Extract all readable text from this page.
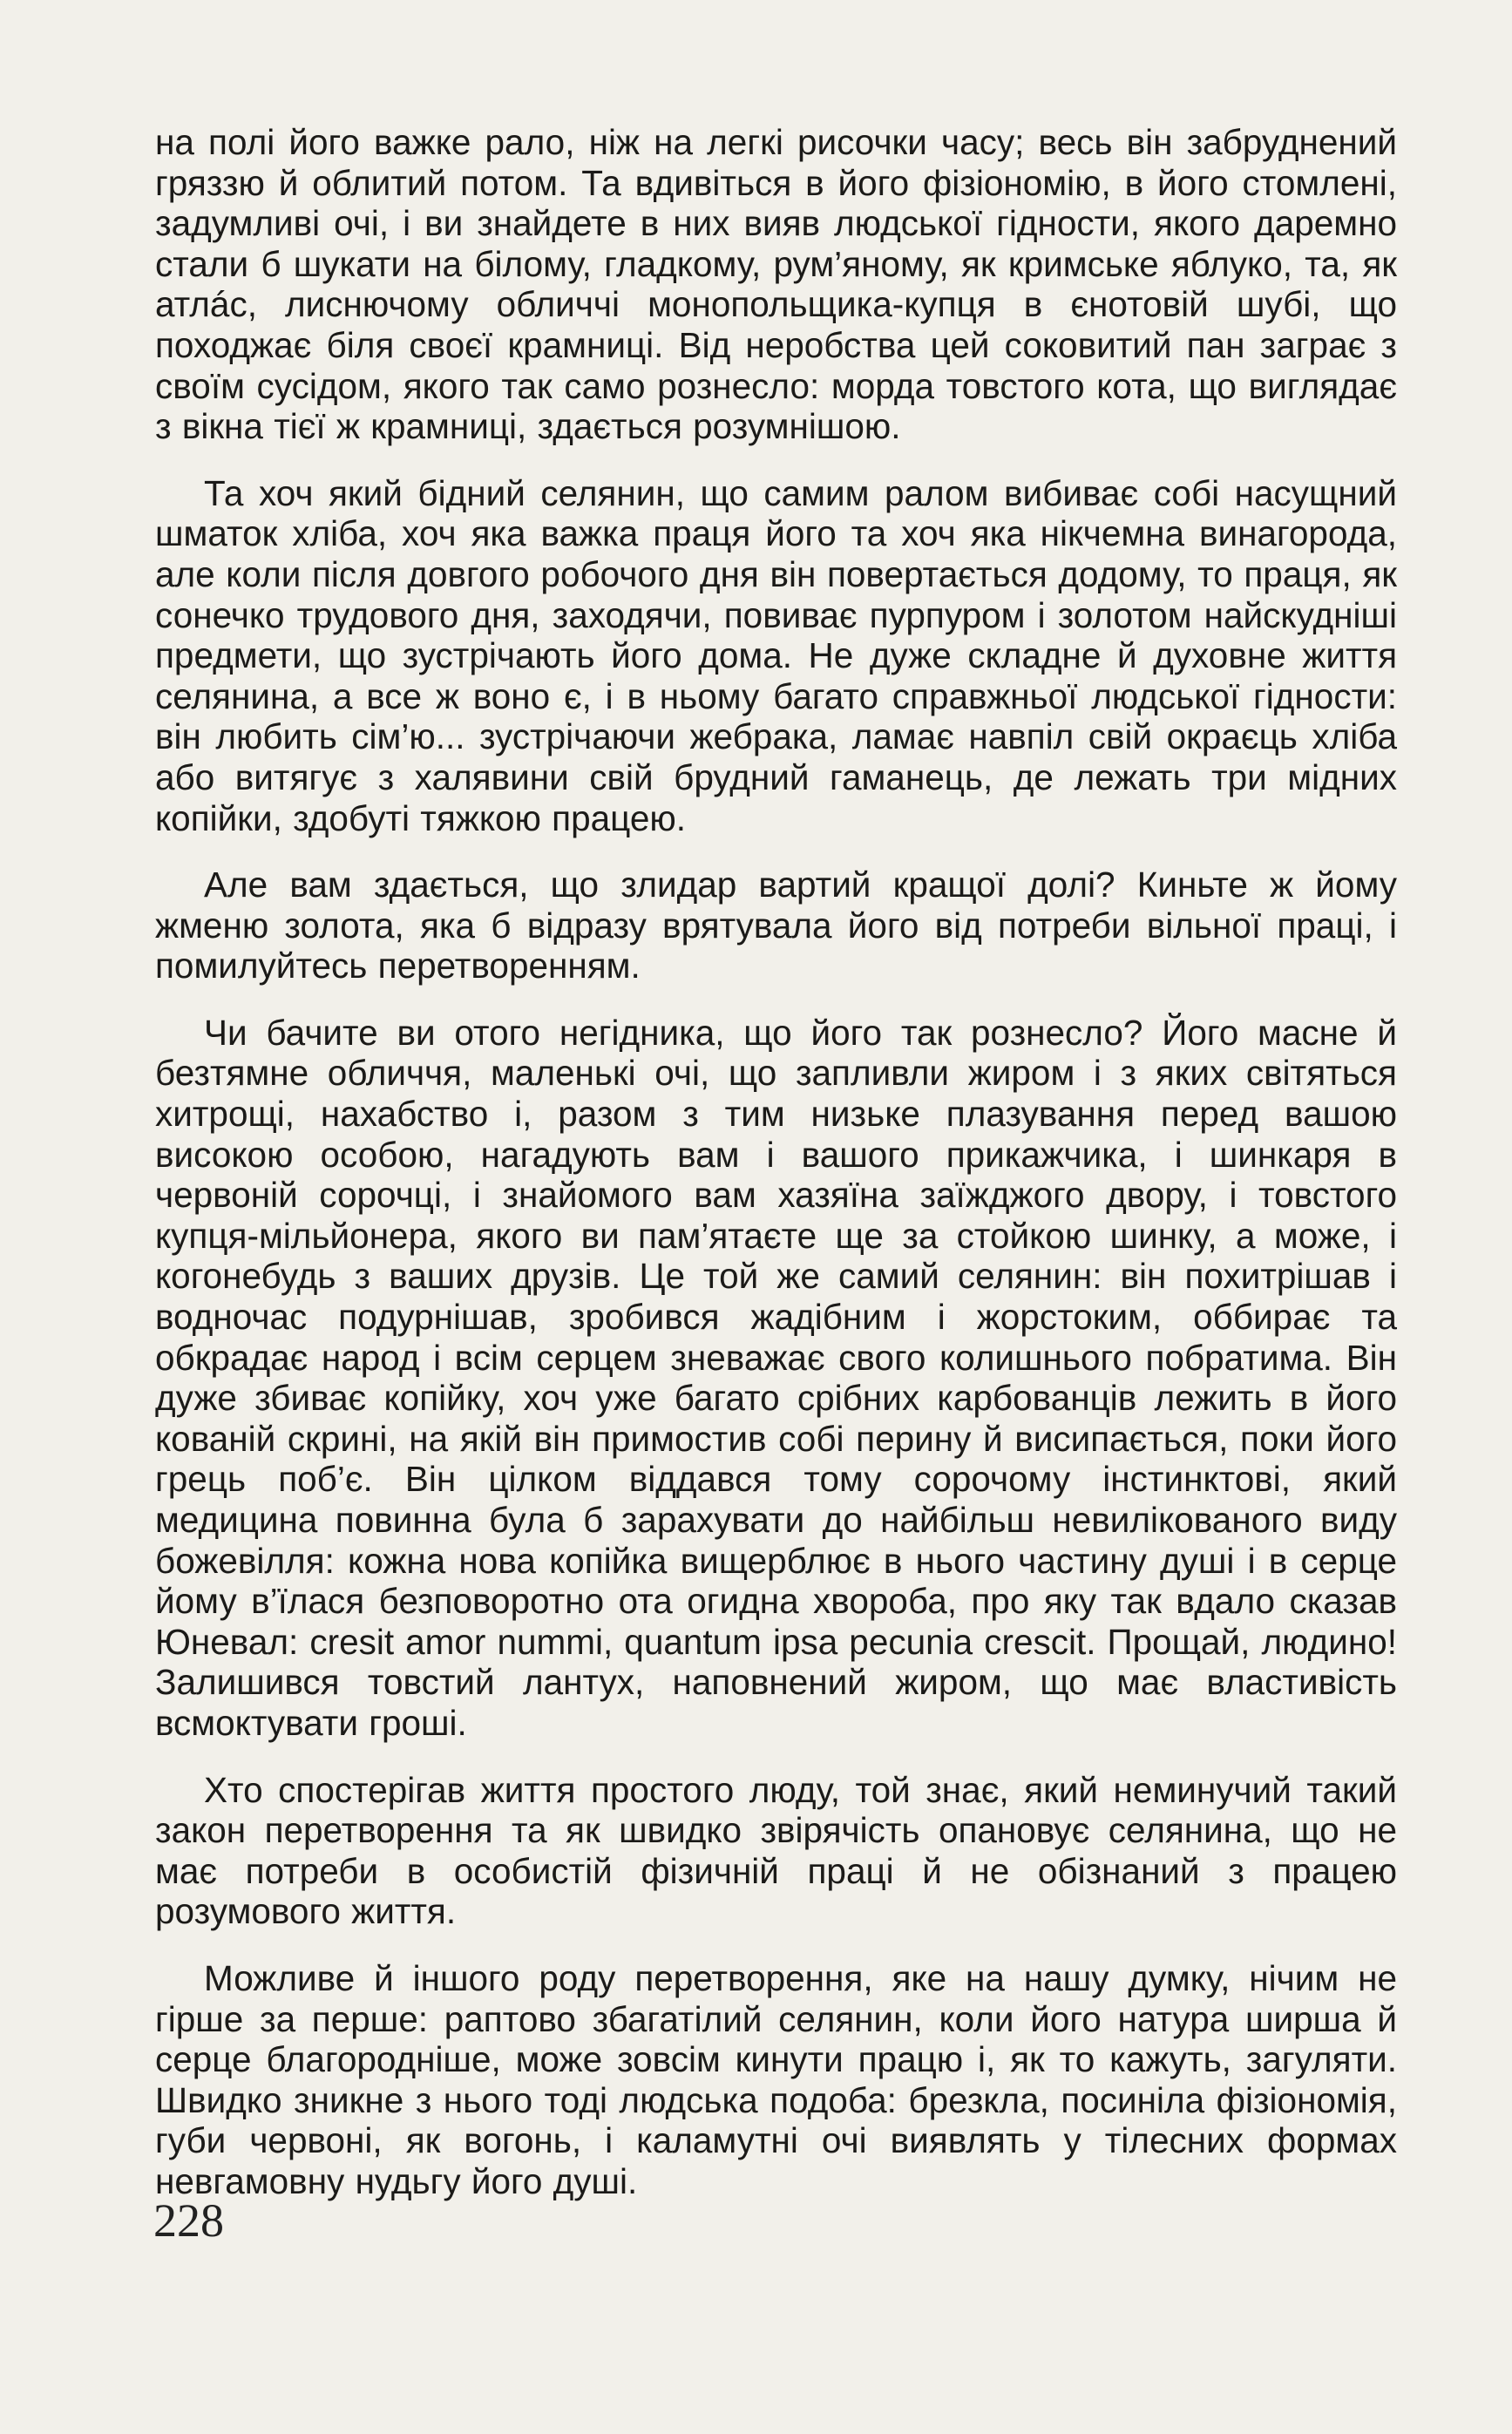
на полі його важке рало, ніж на легкі рисочки часу; весь він забруднений гряззю й облитий потом. Та вдивіться в його фізіономію, в його стомлені, задумливі очі, і ви знайдете в них вияв людської гідности, якого даремно стали б шукати на білому, гладкому, рум’яному, як кримське яблуко, та, як атлáс, лиснючому обличчі монопольщика-купця в єнотовій шубі, що походжає біля своєї крамниці. Від неробства цей соковитий пан заграє з своїм сусідом, якого так само рознесло: морда товстого кота, що виглядає з вікна тієї ж крамниці, здається розумнішою.

Та хоч який бідний селянин, що самим ралом вибиває собі насущний шматок хліба, хоч яка важка праця його та хоч яка нікчемна винагорода, але коли після довгого робочого дня він повертається додому, то праця, як сонечко трудового дня, заходячи, повиває пурпуром і золотом найскудніші предмети, що зустрічають його дома. Не дуже складне й духовне життя селянина, а все ж воно є, і в ньому багато справжньої людської гідности: він любить сім’ю... зустрічаючи жебрака, ламає навпіл свій окраєць хліба або витягує з халявини свій брудний гаманець, де лежать три мідних копійки, здобуті тяжкою працею.

Але вам здається, що злидар вартий кращої долі? Киньте ж йому жменю золота, яка б відразу врятувала його від потреби вільної праці, і помилуйтесь перетворенням.

Чи бачите ви отого негідника, що його так рознесло? Його масне й безтямне обличчя, маленькі очі, що запливли жиром і з яких світяться хитрощі, нахабство і, разом з тим низьке плазування перед вашою високою особою, нагадують вам і вашого прикажчика, і шинкаря в червоній сорочці, і знайомого вам хазяїна заїжджого двору, і товстого купця-мільйонера, якого ви пам’ятаєте ще за стойкою шинку, а може, і когонебудь з ваших друзів. Це той же самий селянин: він похитрішав і водночас подурнішав, зробився жадібним і жорстоким, оббирає та обкрадає народ і всім серцем зневажає свого колишнього побратима. Він дуже збиває копійку, хоч уже багато срібних карбованців лежить в його кованій скрині, на якій він примостив собі перину й висипається, поки його грець поб’є. Він цілком віддався тому сорочому інстинктові, який медицина повинна була б зарахувати до найбільш невилікованого виду божевілля: кожна нова копійка вищерблює в нього частину душі і в серце йому в’їлася безповоротно ота огидна хвороба, про яку так вдало сказав Юневал: cresit amor nummi, quantum ipsa pecunia crescit. Прощай, людино! Залишився товстий лантух, наповнений жиром, що має властивість всмоктувати гроші.

Хто спостерігав життя простого люду, той знає, який неминучий такий закон перетворення та як швидко звірячість опановує селянина, що не має потреби в особистій фізичній праці й не обізнаний з працею розумового життя.

Можливе й іншого роду перетворення, яке на нашу думку, нічим не гірше за перше: раптово збагатілий селянин, коли його натура ширша й серце благородніше, може зовсім кинути працю і, як то кажуть, загуляти. Швидко зникне з нього тоді людська подоба: брезкла, посиніла фізіономія, губи червоні, як вогонь, і каламутні очі виявлять у тілесних формах невгамовну нудьгу його душі.

228
